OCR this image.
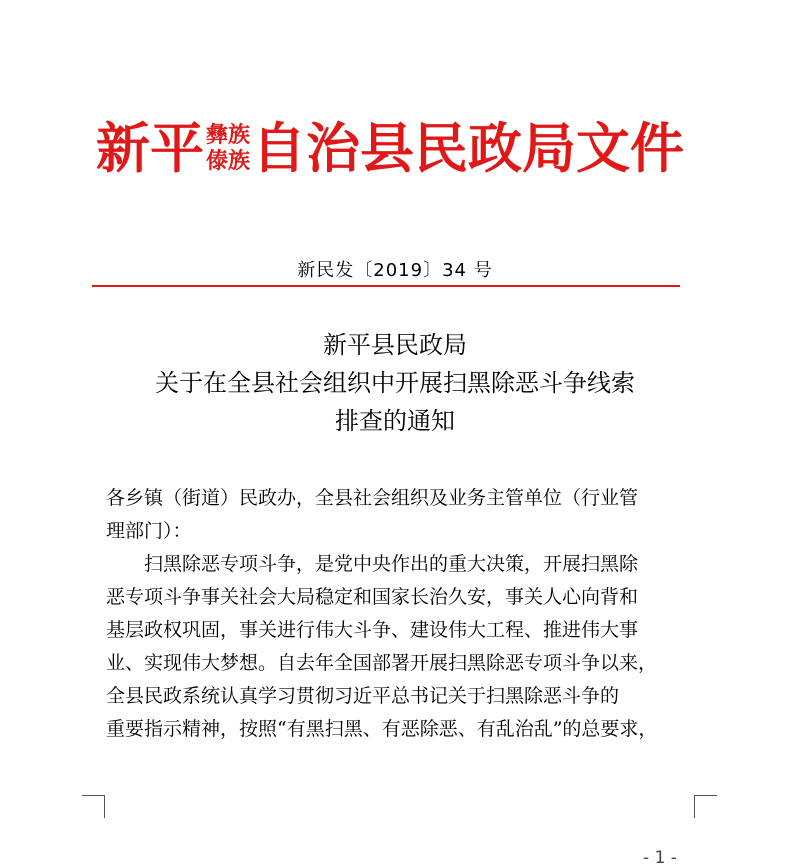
新平 彝族
傣族 自治县民政局文件
新民发〔2019〕34 号
新平县民政局
关于在全县社会组织中开展扫黑除恶斗争线索
排查的通知
各乡镇（街道）民政办，全县社会组织及业务主管单位（行业管
理部门）：
　　扫黑除恶专项斗争，是党中央作出的重大决策，开展扫黑除
恶专项斗争事关社会大局稳定和国家长治久安，事关人心向背和
基层政权巩固，事关进行伟大斗争、建设伟大工程、推进伟大事
业、实现伟大梦想。自去年全国部署开展扫黑除恶专项斗争以来，
全县民政系统认真学习贯彻习近平总书记关于扫黑除恶斗争的
重要指示精神，按照“有黑扫黑、有恶除恶、有乱治乱”的总要求，
- 1 -
